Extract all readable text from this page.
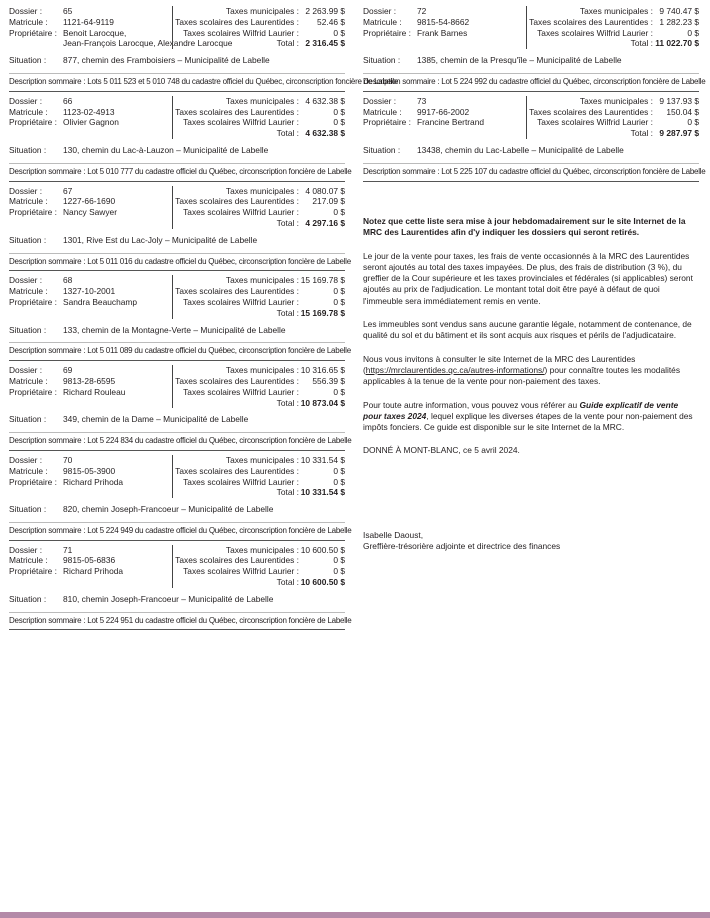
Dossier :	65
Matricule :	1121-64-9119
Propriétaire : Benoit Larocque,
Jean-François Larocque, Alexandre Larocque
Taxes municipales : 2 263.99 $
Taxes scolaires des Laurentides :	52.46 $
Taxes scolaires Wilfrid Laurier :	0 $
Total : 2 316.45 $
Situation :	877, chemin des Framboisiers – Municipalité de Labelle
Description sommaire : Lots 5 011 523 et 5 010 748 du cadastre officiel du Québec, circonscription foncière de Labelle
Dossier :	66
Matricule :	1123-02-4913
Propriétaire : Olivier Gagnon
Taxes municipales : 4 632.38 $
Taxes scolaires des Laurentides :	0 $
Taxes scolaires Wilfrid Laurier :	0 $
Total : 4 632.38 $
Situation :	130, chemin du Lac-à-Lauzon – Municipalité de Labelle
Description sommaire : Lot 5 010 777 du cadastre officiel du Québec, circonscription foncière de Labelle
Dossier :	67
Matricule :	1227-66-1690
Propriétaire : Nancy Sawyer
Taxes municipales : 4 080.07 $
Taxes scolaires des Laurentides :	217.09 $
Taxes scolaires Wilfrid Laurier :	0 $
Total : 4 297.16 $
Situation :	1301, Rive Est du Lac-Joly – Municipalité de Labelle
Description sommaire : Lot 5 011 016 du cadastre officiel du Québec, circonscription foncière de Labelle
Dossier :	68
Matricule :	1327-10-2001
Propriétaire : Sandra Beauchamp
Taxes municipales : 15 169.78 $
Taxes scolaires des Laurentides :	0 $
Taxes scolaires Wilfrid Laurier :	0 $
Total : 15 169.78 $
Situation :	133, chemin de la Montagne-Verte – Municipalité de Labelle
Description sommaire : Lot 5 011 089 du cadastre officiel du Québec, circonscription foncière de Labelle
Dossier :	69
Matricule :	9813-28-6595
Propriétaire : Richard Rouleau
Taxes municipales : 10 316.65 $
Taxes scolaires des Laurentides :	556.39 $
Taxes scolaires Wilfrid Laurier :	0 $
Total : 10 873.04 $
Situation :	349, chemin de la Dame – Municipalité de Labelle
Description sommaire : Lot 5 224 834 du cadastre officiel du Québec, circonscription foncière de Labelle
Dossier :	70
Matricule :	9815-05-3900
Propriétaire : Richard Prihoda
Taxes municipales : 10 331.54 $
Taxes scolaires des Laurentides :	0 $
Taxes scolaires Wilfrid Laurier :	0 $
Total : 10 331.54 $
Situation :	820, chemin Joseph-Francoeur – Municipalité de Labelle
Description sommaire : Lot 5 224 949 du cadastre officiel du Québec, circonscription foncière de Labelle
Dossier :	71
Matricule :	9815-05-6836
Propriétaire : Richard Prihoda
Taxes municipales : 10 600.50 $
Taxes scolaires des Laurentides :	0 $
Taxes scolaires Wilfrid Laurier :	0 $
Total : 10 600.50 $
Situation :	810, chemin Joseph-Francoeur – Municipalité de Labelle
Description sommaire : Lot 5 224 951 du cadastre officiel du Québec, circonscription foncière de Labelle
Dossier :	72
Matricule :	9815-54-8662
Propriétaire : Frank Barnes
Taxes municipales : 9 740.47 $
Taxes scolaires des Laurentides : 1 282.23 $
Taxes scolaires Wilfrid Laurier :	0 $
Total : 11 022.70 $
Situation :	1385, chemin de la Presqu'île – Municipalité de Labelle
Description sommaire : Lot 5 224 992 du cadastre officiel du Québec, circonscription foncière de Labelle
Dossier :	73
Matricule :	9917-66-2002
Propriétaire : Francine Bertrand
Taxes municipales : 9 137.93 $
Taxes scolaires des Laurentides :	150.04 $
Taxes scolaires Wilfrid Laurier :	0 $
Total : 9 287.97 $
Situation :	13438, chemin du Lac-Labelle – Municipalité de Labelle
Description sommaire : Lot 5 225 107 du cadastre officiel du Québec, circonscription foncière de Labelle

Notez que cette liste sera mise à jour hebdomadairement sur le site Internet de la MRC des Laurentides afin d'y indiquer les dossiers qui seront retirés.

Le jour de la vente pour taxes, les frais de vente occasionnés à la MRC des Laurentides seront ajoutés au total des taxes impayées. De plus, des frais de distribution (3 %), du greffier de la Cour supérieure et les taxes provinciales et fédérales (si applicables) seront ajoutés au prix de l'adjudication. Le montant total doit être payé à défaut de quoi l'immeuble sera immédiatement remis en vente.

Les immeubles sont vendus sans aucune garantie légale, notamment de contenance, de qualité du sol et du bâtiment et ils sont acquis aux risques et périls de l'adjudicataire.

Nous vous invitons à consulter le site Internet de la MRC des Laurentides (https://mrclaurentides.qc.ca/autres-informations/) pour connaître toutes les modalités applicables à la tenue de la vente pour non-paiement des taxes.

Pour toute autre information, vous pouvez vous référer au Guide explicatif de vente pour taxes 2024, lequel explique les diverses étapes de la vente pour non-paiement des impôts fonciers. Ce guide est disponible sur le site Internet de la MRC.

DONNÉ À MONT-BLANC, ce 5 avril 2024.

Isabelle Daoust,
Greffière-trésorière adjointe et directrice des finances
